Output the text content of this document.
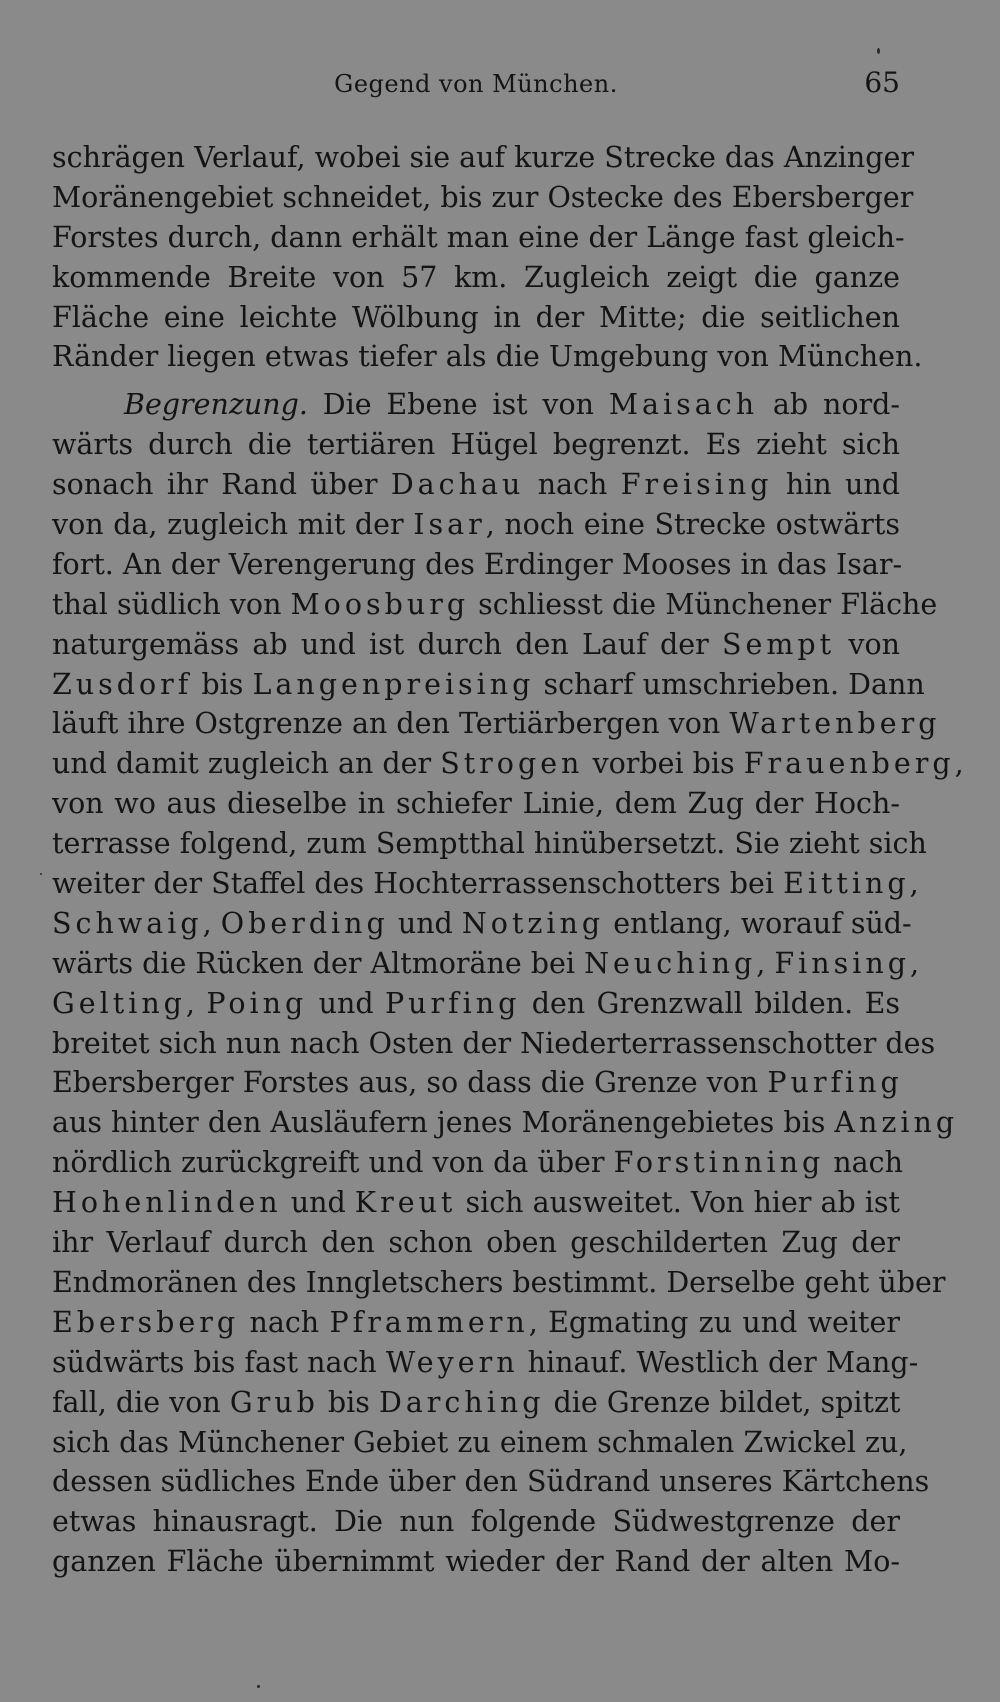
Gegend von München.	65
schrägen Verlauf, wobei sie auf kurze Strecke das Anzinger
Moränengebiet schneidet, bis zur Ostecke des Ebersberger
Forstes durch, dann erhält man eine der Länge fast gleich-
kommende Breite von 57 km. Zugleich zeigt die ganze
Fläche eine leichte Wölbung in der Mitte; die seitlichen
Ränder liegen etwas tiefer als die Umgebung von München.
Begrenzung. Die Ebene ist von Maisach ab nord-
wärts durch die tertiären Hügel begrenzt. Es zieht sich
sonach ihr Rand über Dachau nach Freising hin und
von da, zugleich mit der Isar, noch eine Strecke ostwärts
fort. An der Verengerung des Erdinger Mooses in das Isar-
thal südlich von Moosburg schliesst die Münchener Fläche
naturgemäss ab und ist durch den Lauf der Sempt von
Zusdorf bis Langenpreising scharf umschrieben. Dann
läuft ihre Ostgrenze an den Tertiärbergen von Wartenberg
und damit zugleich an der Strogen vorbei bis Frauenberg,
von wo aus dieselbe in schiefer Linie, dem Zug der Hoch-
terrasse folgend, zum Semptthal hinübersetzt. Sie zieht sich
weiter der Staffel des Hochterrassenschotters bei Eitting,
Schwaig, Oberding und Notzing entlang, worauf süd-
wärts die Rücken der Altmoräne bei Neuching, Finsing,
Gelting, Poing und Purfing den Grenzwall bilden. Es
breitet sich nun nach Osten der Niederterrassenschotter des
Ebersberger Forstes aus, so dass die Grenze von Purfing
aus hinter den Ausläufern jenes Moränengebietes bis Anzing
nördlich zurückgreift und von da über Forstinning nach
Hohenlinden und Kreut sich ausweitet. Von hier ab ist
ihr Verlauf durch den schon oben geschilderten Zug der
Endmoränen des Inngletschers bestimmt. Derselbe geht über
Ebersberg nach Pframmern, Egmating zu und weiter
südwärts bis fast nach Weyern hinauf. Westlich der Mang-
fall, die von Grub bis Darching die Grenze bildet, spitzt
sich das Münchener Gebiet zu einem schmalen Zwickel zu,
dessen südliches Ende über den Südrand unseres Kärtchens
etwas hinausragt. Die nun folgende Südwestgrenze der
ganzen Fläche übernimmt wieder der Rand der alten Mo-
